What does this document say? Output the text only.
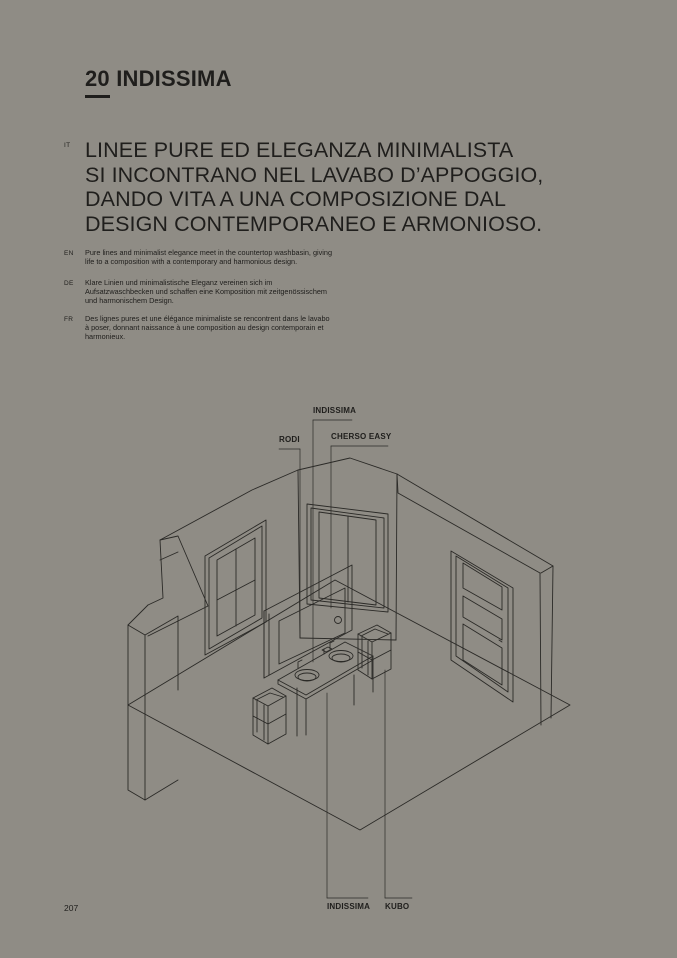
20 INDISSIMA
IT LINEE PURE ED ELEGANZA MINIMALISTA
SI INCONTRANO NEL LAVABO D’APPOGGIO,
DANDO VITA A UNA COMPOSIZIONE DAL
DESIGN CONTEMPORANEO E ARMONIOSO.
EN Pure lines and minimalist elegance meet in the countertop washbasin, giving
life to a composition with a contemporary and harmonious design.
DE Klare Linien und minimalistische Eleganz vereinen sich im
Aufsatzwaschbecken und schaffen eine Komposition mit zeitgenössischem
und harmonischem Design.
FR Des lignes pures et une élégance minimaliste se rencontrent dans le lavabo
à poser, donnant naissance à une composition au design contemporain et
harmonieux.
INDISSIMA
RODI	CHERSO EASY
INDISSIMA KUBO
207
